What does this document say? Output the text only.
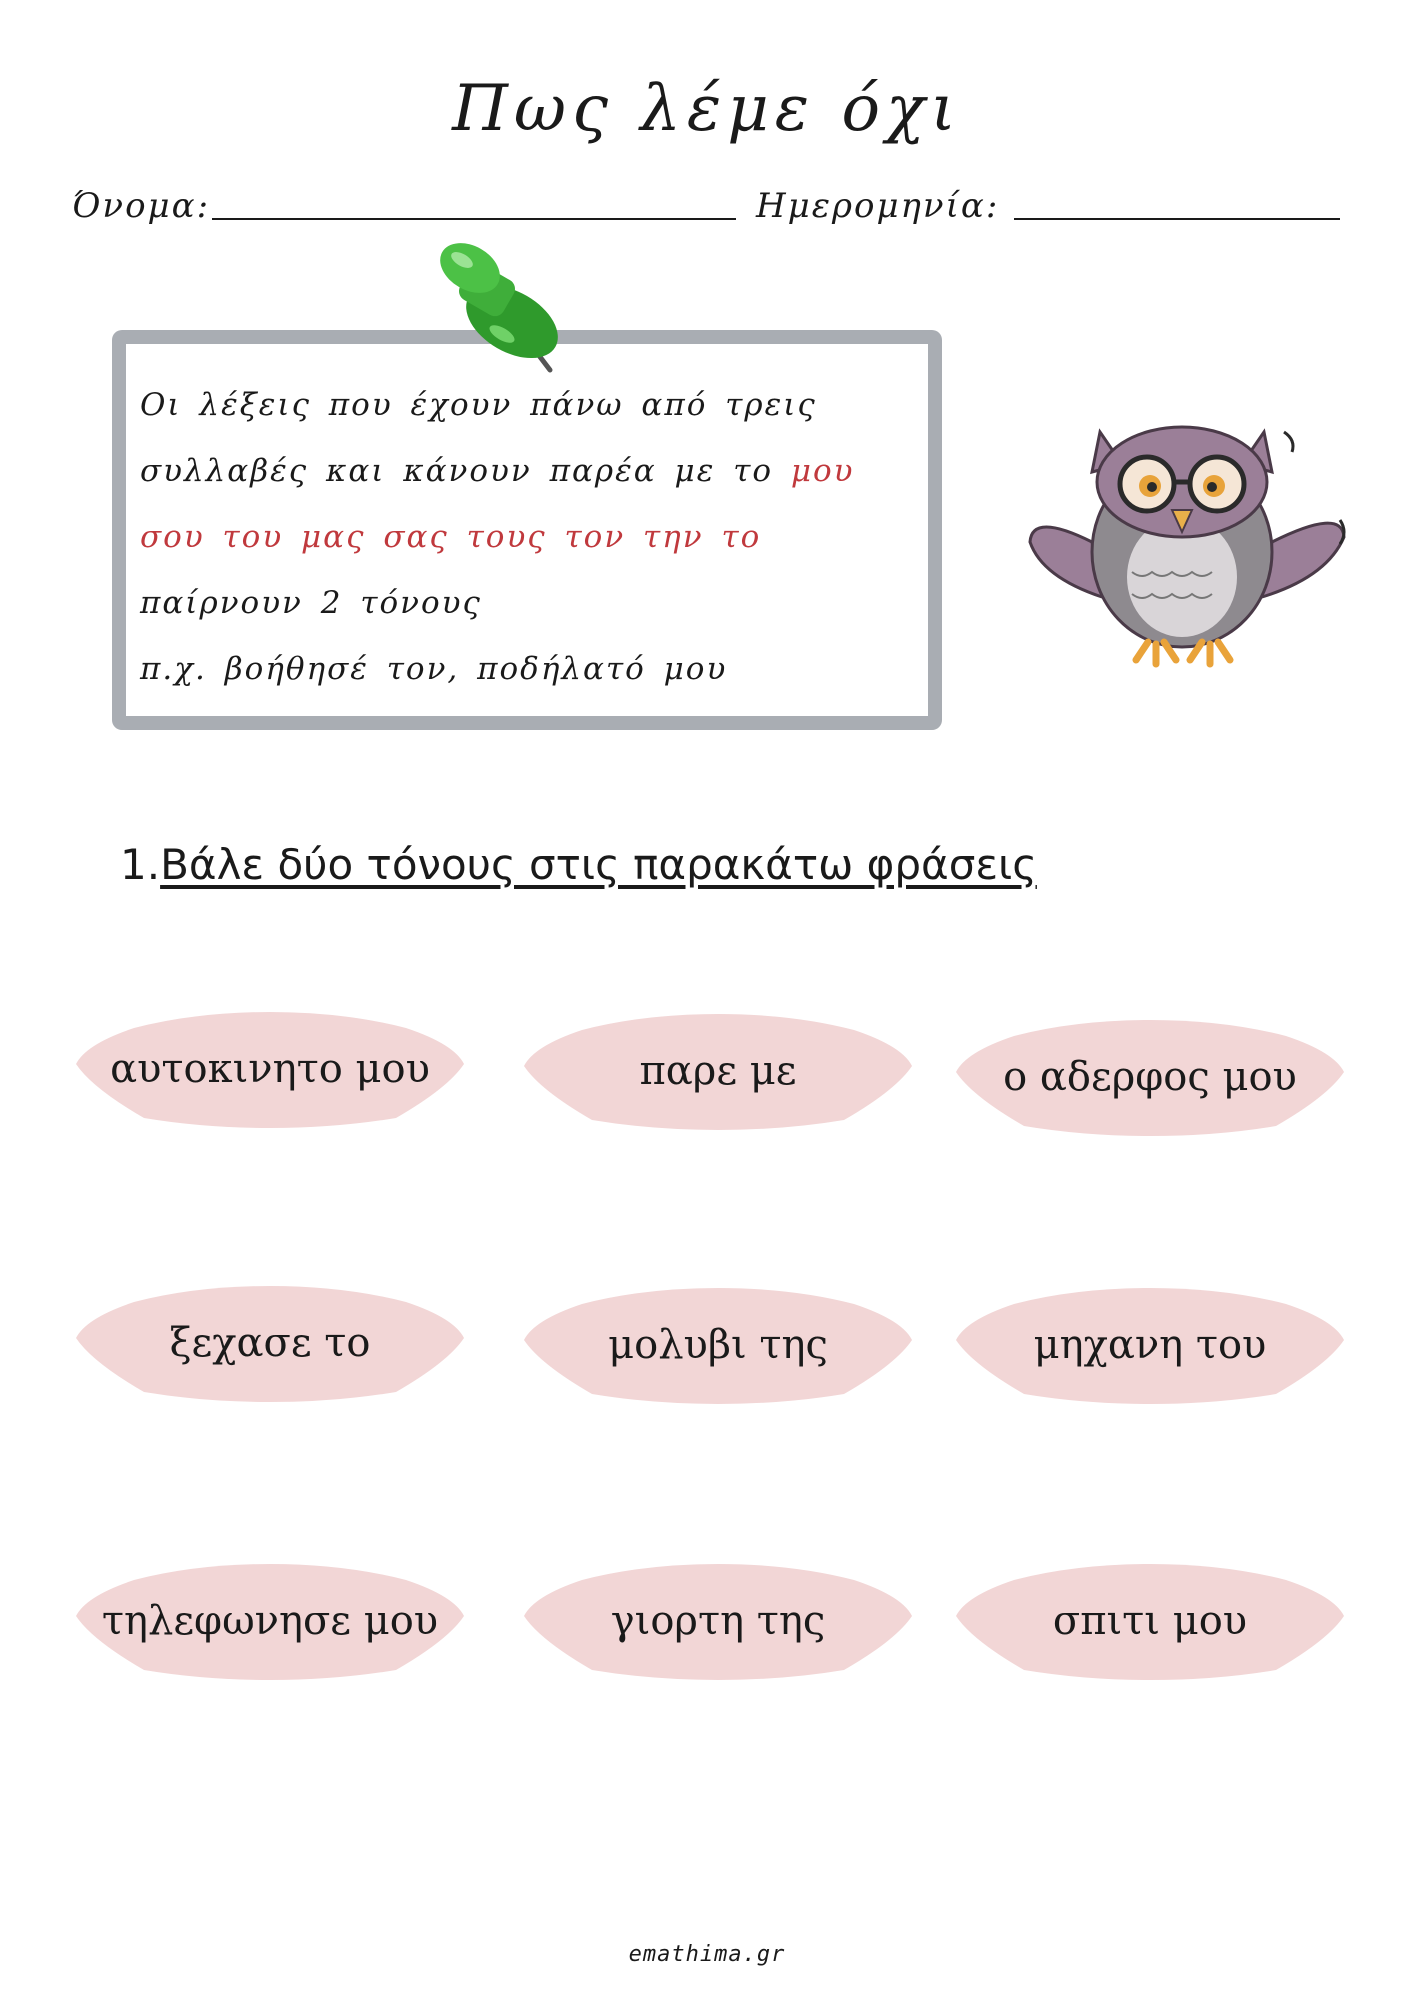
Πως λέμε όχι
Όνομα:	Ημερομηνία:
Οι λέξεις που έχουν πάνω από τρεις
συλλαβές και κάνουν παρέα με το μου
σου του μας σας τους τον την το
παίρνουν 2 τόνους
π.χ. βοήθησέ τον, ποδήλατό μου
1.Βάλε δύο τόνους στις παρακάτω φράσεις
αυτοκινητο μου	παρε με	ο αδερφος μου
ξεχασε το	μολυβι της	μηχανη του
τηλεφωνησε μου	γιορτη της	σπιτι μου
emathima.gr
